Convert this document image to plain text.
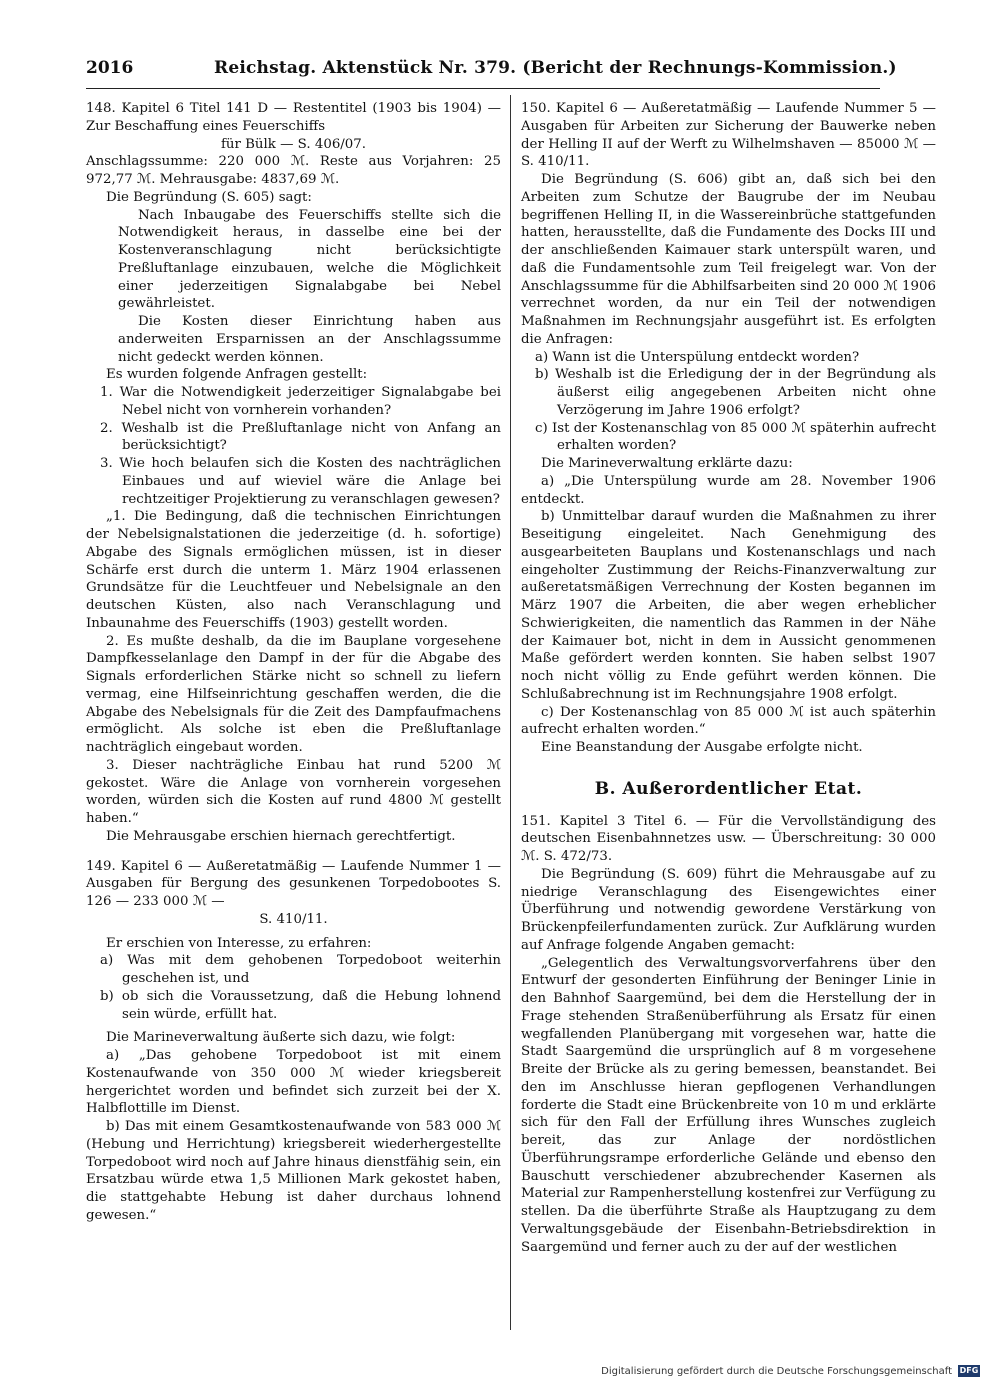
2016	Reichstag. Aktenstück Nr. 379. (Bericht der Rechnungs-Kommission.)

148. Kapitel 6 Titel 141 D — Restentitel (1903 bis 1904) — Zur Beschaffung eines Feuerschiffs

für Bülk — S. 406/07.

Anschlagssumme: 220 000 ℳ. Reste aus Vorjahren: 25 972,77 ℳ. Mehrausgabe: 4837,69 ℳ.

Die Begründung (S. 605) sagt:

Nach Inbaugabe des Feuerschiffs stellte sich die Notwendigkeit heraus, in dasselbe eine bei der Kostenveranschlagung nicht berücksichtigte Preßluftanlage einzubauen, welche die Möglichkeit einer jederzeitigen Signalabgabe bei Nebel gewährleistet.

Die Kosten dieser Einrichtung haben aus anderweiten Ersparnissen an der Anschlagssumme nicht gedeckt werden können.

Es wurden folgende Anfragen gestellt:

1. War die Notwendigkeit jederzeitiger Signalabgabe bei Nebel nicht von vornherein vorhanden?

2. Weshalb ist die Preßluftanlage nicht von Anfang an berücksichtigt?

3. Wie hoch belaufen sich die Kosten des nachträglichen Einbaues und auf wieviel wäre die Anlage bei rechtzeitiger Projektierung zu veranschlagen gewesen?

„1. Die Bedingung, daß die technischen Einrichtungen der Nebelsignalstationen die jederzeitige (d. h. sofortige) Abgabe des Signals ermöglichen müssen, ist in dieser Schärfe erst durch die unterm 1. März 1904 erlassenen Grundsätze für die Leuchtfeuer und Nebelsignale an den deutschen Küsten, also nach Veranschlagung und Inbaunahme des Feuerschiffs (1903) gestellt worden.

2. Es mußte deshalb, da die im Bauplane vorgesehene Dampfkesselanlage den Dampf in der für die Abgabe des Signals erforderlichen Stärke nicht so schnell zu liefern vermag, eine Hilfseinrichtung geschaffen werden, die die Abgabe des Nebelsignals für die Zeit des Dampfaufmachens ermöglicht. Als solche ist eben die Preßluftanlage nachträglich eingebaut worden.

3. Dieser nachträgliche Einbau hat rund 5200 ℳ gekostet. Wäre die Anlage von vornherein vorgesehen worden, würden sich die Kosten auf rund 4800 ℳ gestellt haben.“

Die Mehrausgabe erschien hiernach gerechtfertigt.

149. Kapitel 6 — Außeretatmäßig — Laufende Nummer 1 — Ausgaben für Bergung des gesunkenen Torpedobootes S. 126 — 233 000 ℳ —

S. 410/11.

Er erschien von Interesse, zu erfahren:

a) Was mit dem gehobenen Torpedoboot weiterhin geschehen ist, und

b) ob sich die Voraussetzung, daß die Hebung lohnend sein würde, erfüllt hat.

Die Marineverwaltung äußerte sich dazu, wie folgt:

a) „Das gehobene Torpedoboot ist mit einem Kostenaufwande von 350 000 ℳ wieder kriegsbereit hergerichtet worden und befindet sich zurzeit bei der X. Halbflottille im Dienst.

b) Das mit einem Gesamtkostenaufwande von 583 000 ℳ (Hebung und Herrichtung) kriegsbereit wiederhergestellte Torpedoboot wird noch auf Jahre hinaus dienstfähig sein, ein Ersatzbau würde etwa 1,5 Millionen Mark gekostet haben, die stattgehabte Hebung ist daher durchaus lohnend gewesen.“

150. Kapitel 6 — Außeretatmäßig — Laufende Nummer 5 — Ausgaben für Arbeiten zur Sicherung der Bauwerke neben der Helling II auf der Werft zu Wilhelmshaven — 85000 ℳ — S. 410/11.

Die Begründung (S. 606) gibt an, daß sich bei den Arbeiten zum Schutze der Baugrube der im Neubau begriffenen Helling II, in die Wassereinbrüche stattgefunden hatten, herausstellte, daß die Fundamente des Docks III und der anschließenden Kaimauer stark unterspült waren, und daß die Fundamentsohle zum Teil freigelegt war. Von der Anschlagssumme für die Abhilfsarbeiten sind 20 000 ℳ 1906 verrechnet worden, da nur ein Teil der notwendigen Maßnahmen im Rechnungsjahr ausgeführt ist. Es erfolgten die Anfragen:

a) Wann ist die Unterspülung entdeckt worden?

b) Weshalb ist die Erledigung der in der Begründung als äußerst eilig angegebenen Arbeiten nicht ohne Verzögerung im Jahre 1906 erfolgt?

c) Ist der Kostenanschlag von 85 000 ℳ späterhin aufrecht erhalten worden?

Die Marineverwaltung erklärte dazu:

a) „Die Unterspülung wurde am 28. November 1906 entdeckt.

b) Unmittelbar darauf wurden die Maßnahmen zu ihrer Beseitigung eingeleitet. Nach Genehmigung des ausgearbeiteten Bauplans und Kostenanschlags und nach eingeholter Zustimmung der Reichs-Finanzverwaltung zur außeretatsmäßigen Verrechnung der Kosten begannen im März 1907 die Arbeiten, die aber wegen erheblicher Schwierigkeiten, die namentlich das Rammen in der Nähe der Kaimauer bot, nicht in dem in Aussicht genommenen Maße gefördert werden konnten. Sie haben selbst 1907 noch nicht völlig zu Ende geführt werden können. Die Schlußabrechnung ist im Rechnungsjahre 1908 erfolgt.

c) Der Kostenanschlag von 85 000 ℳ ist auch späterhin aufrecht erhalten worden.“

Eine Beanstandung der Ausgabe erfolgte nicht.

B. Außerordentlicher Etat.

151. Kapitel 3 Titel 6. — Für die Vervollständigung des deutschen Eisenbahnnetzes usw. — Überschreitung: 30 000 ℳ. S. 472/73.

Die Begründung (S. 609) führt die Mehrausgabe auf zu niedrige Veranschlagung des Eisengewichtes einer Überführung und notwendig gewordene Verstärkung von Brückenpfeilerfundamenten zurück. Zur Aufklärung wurden auf Anfrage folgende Angaben gemacht:

„Gelegentlich des Verwaltungsvorverfahrens über den Entwurf der gesonderten Einführung der Beninger Linie in den Bahnhof Saargemünd, bei dem die Herstellung der in Frage stehenden Straßenüberführung als Ersatz für einen wegfallenden Planübergang mit vorgesehen war, hatte die Stadt Saargemünd die ursprünglich auf 8 m vorgesehene Breite der Brücke als zu gering bemessen, beanstandet. Bei den im Anschlusse hieran gepflogenen Verhandlungen forderte die Stadt eine Brückenbreite von 10 m und erklärte sich für den Fall der Erfüllung ihres Wunsches zugleich bereit, das zur Anlage der nordöstlichen Überführungsrampe erforderliche Gelände und ebenso den Bauschutt verschiedener abzubrechender Kasernen als Material zur Rampenherstellung kostenfrei zur Verfügung zu stellen. Da die überführte Straße als Hauptzugang zu dem Verwaltungsgebäude der Eisenbahn-Betriebsdirektion in Saargemünd und ferner auch zu der auf der westlichen

Digitalisierung gefördert durch die Deutsche Forschungsgemeinschaft DFG
